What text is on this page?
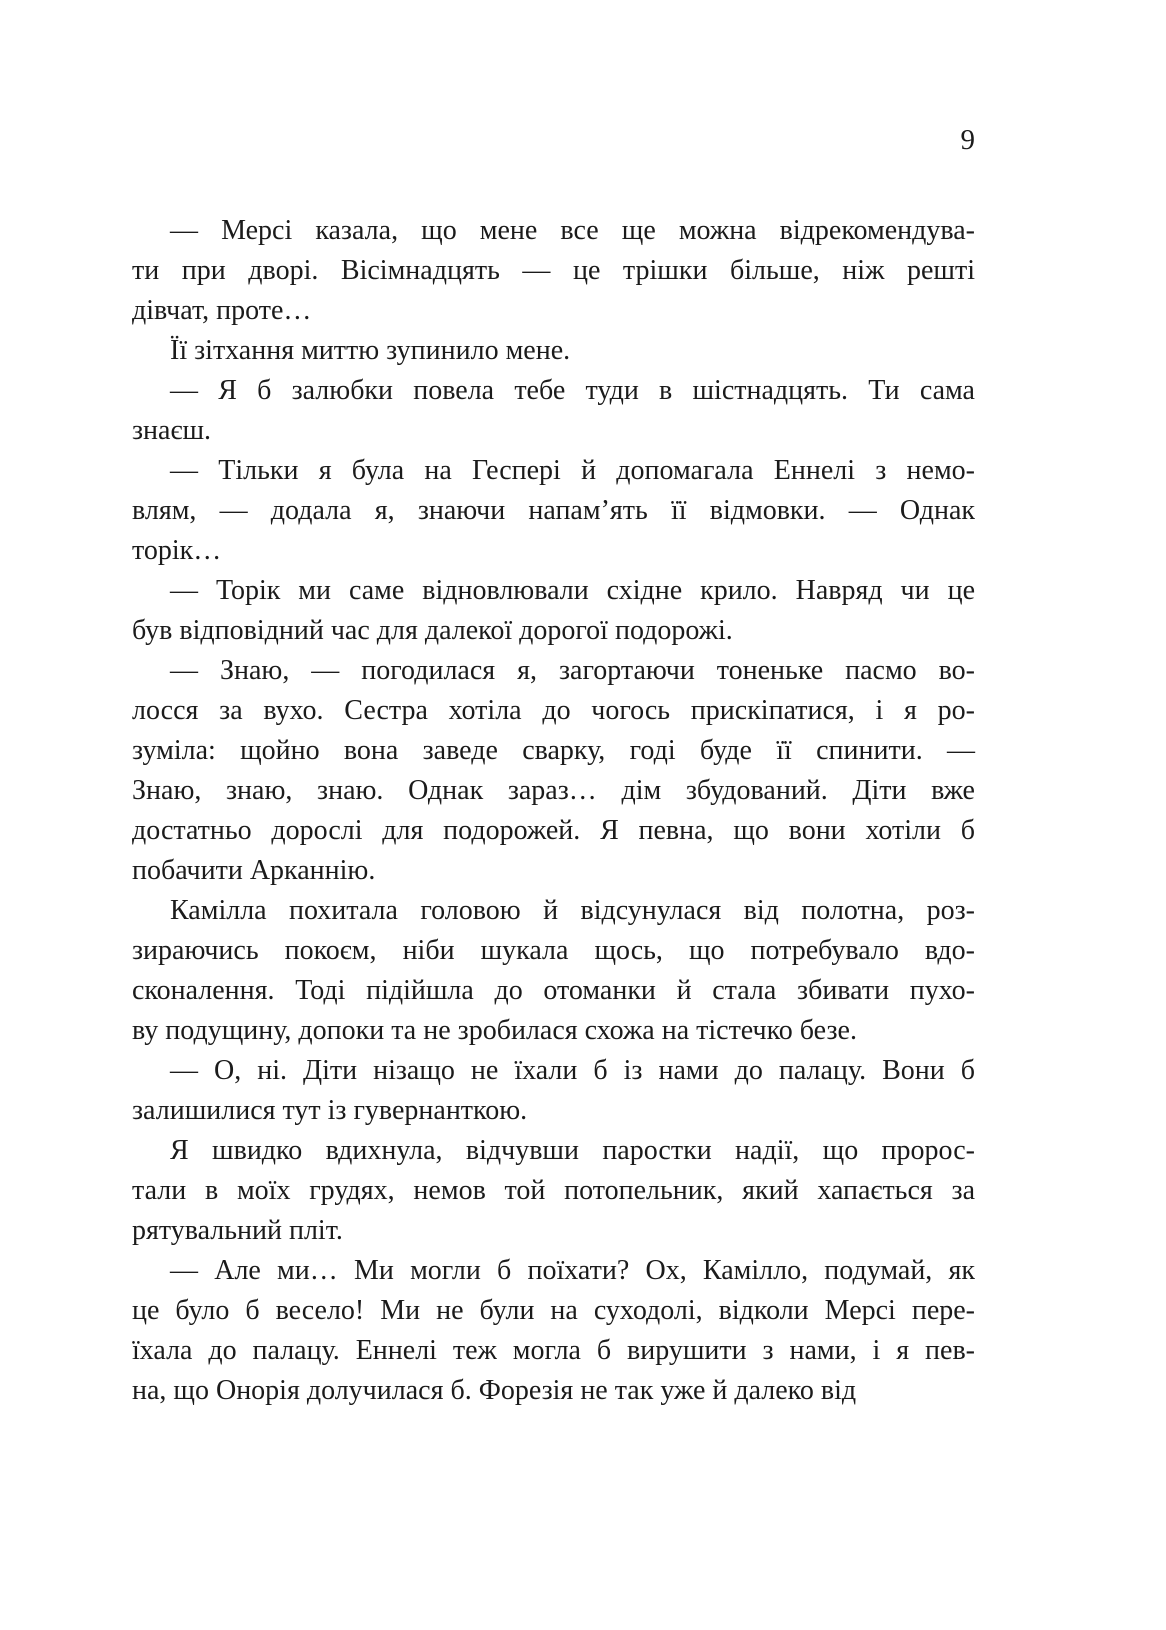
9
— Мерсі казала, що мене все ще можна відрекомендува-
ти при дворі. Вісімнадцять — це трішки більше, ніж решті
дівчат, проте…
Її зітхання миттю зупинило мене.
— Я б залюбки повела тебе туди в шістнадцять. Ти сама
знаєш.
— Тільки я була на Геспері й допомагала Еннелі з немо-
влям, — додала я, знаючи напам’ять її відмовки. — Однак
торік…
— Торік ми саме відновлювали східне крило. Навряд чи це
був відповідний час для далекої дорогої подорожі.
— Знаю, — погодилася я, загортаючи тоненьке пасмо во-
лосся за вухо. Сестра хотіла до чогось прискіпатися, і я ро-
зуміла: щойно вона заведе сварку, годі буде її спинити. —
Знаю, знаю, знаю. Однак зараз… дім збудований. Діти вже
достатньо дорослі для подорожей. Я певна, що вони хотіли б
побачити Арканнію.
Камілла похитала головою й відсунулася від полотна, роз-
зираючись покоєм, ніби шукала щось, що потребувало вдо-
сконалення. Тоді підійшла до отоманки й стала збивати пухо-
ву подущину, допоки та не зробилася схожа на тістечко безе.
— О, ні. Діти нізащо не їхали б із нами до палацу. Вони б
залишилися тут із гувернанткою.
Я швидко вдихнула, відчувши паростки надії, що пророс-
тали в моїх грудях, немов той потопельник, який хапається за
рятувальний пліт.
— Але ми… Ми могли б поїхати? Ох, Камілло, подумай, як
це було б весело! Ми не були на суходолі, відколи Мерсі пере-
їхала до палацу. Еннелі теж могла б вирушити з нами, і я пев-
на, що Онорія долучилася б. Форезія не так уже й далеко від
